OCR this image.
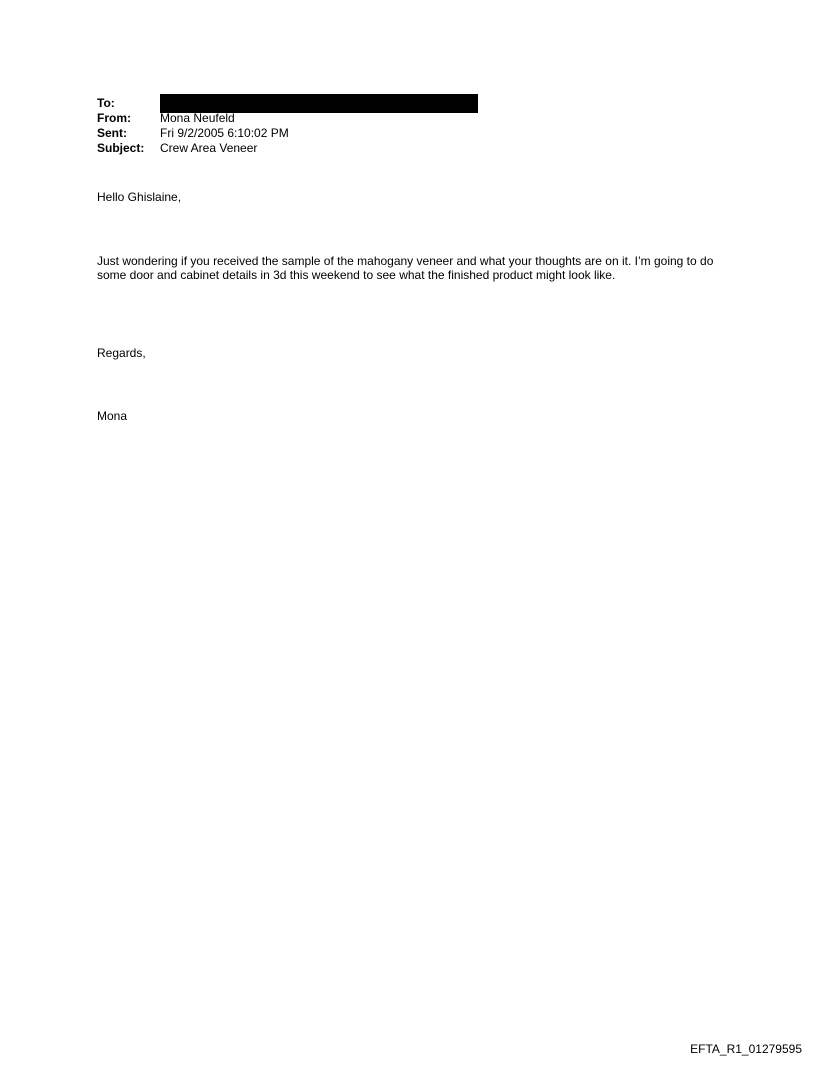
To:
From:	Mona Neufeld
Sent:	Fri 9/2/2005 6:10:02 PM
Subject:	Crew Area Veneer
Hello Ghislaine,
Just wondering if you received the sample of the mahogany veneer and what your thoughts are on it. I’m going to do some door and cabinet details in 3d this weekend to see what the finished product might look like.
Regards,
Mona
EFTA_R1_01279595
